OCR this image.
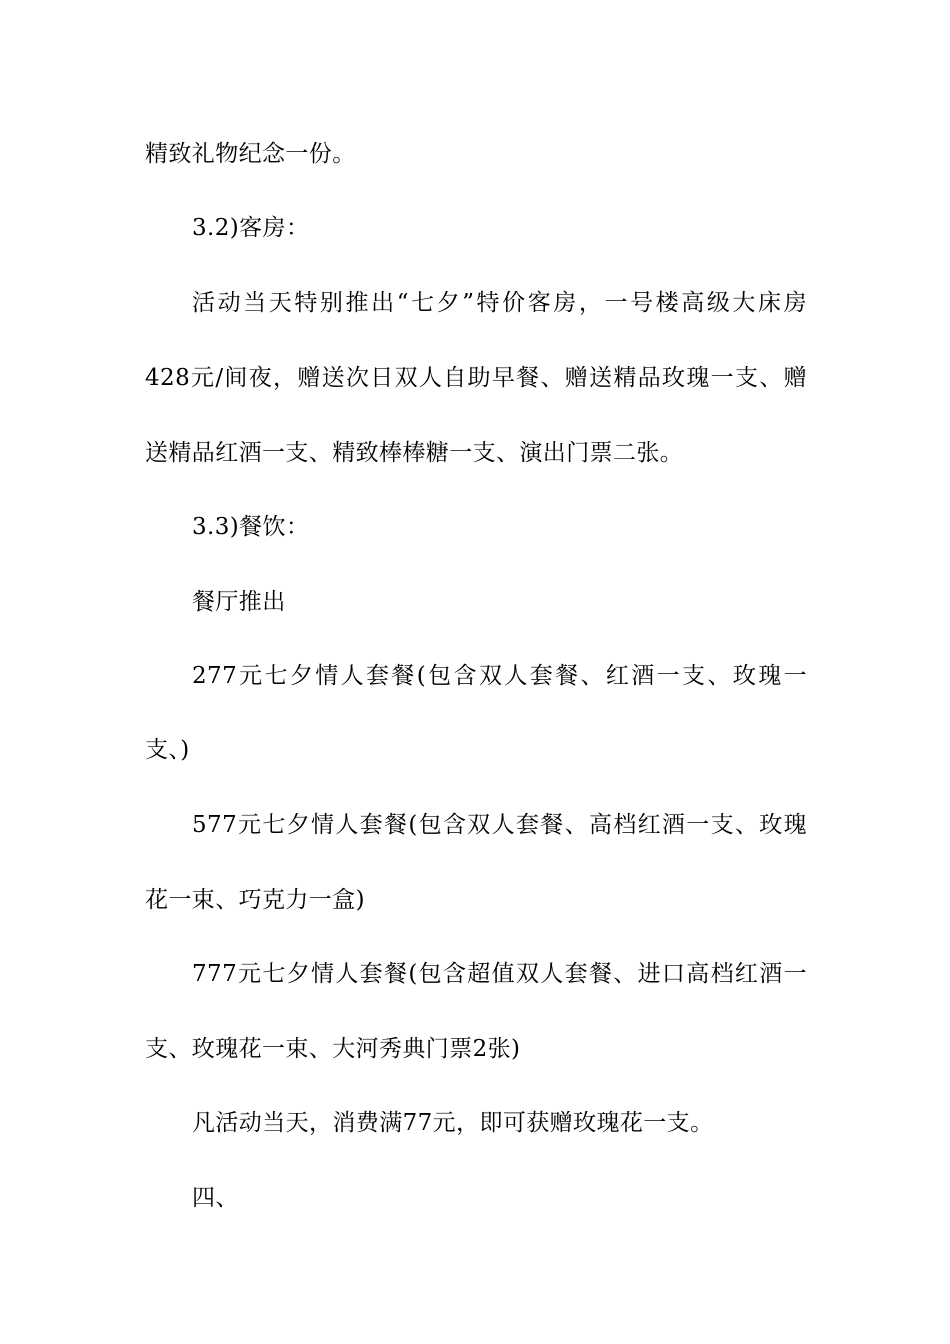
精致礼物纪念一份。
3.2)客房：
活动当天特别推出“七夕”特价客房，一号楼高级大床房
428元/间夜，赠送次日双人自助早餐、赠送精品玫瑰一支、赠
送精品红酒一支、精致棒棒糖一支、演出门票二张。
3.3)餐饮：
餐厅推出
277元七夕情人套餐(包含双人套餐、红酒一支、玫瑰一
支、)
577元七夕情人套餐(包含双人套餐、高档红酒一支、玫瑰
花一束、巧克力一盒)
777元七夕情人套餐(包含超值双人套餐、进口高档红酒一
支、玫瑰花一束、大河秀典门票2张)
凡活动当天，消费满77元，即可获赠玫瑰花一支。
四、
